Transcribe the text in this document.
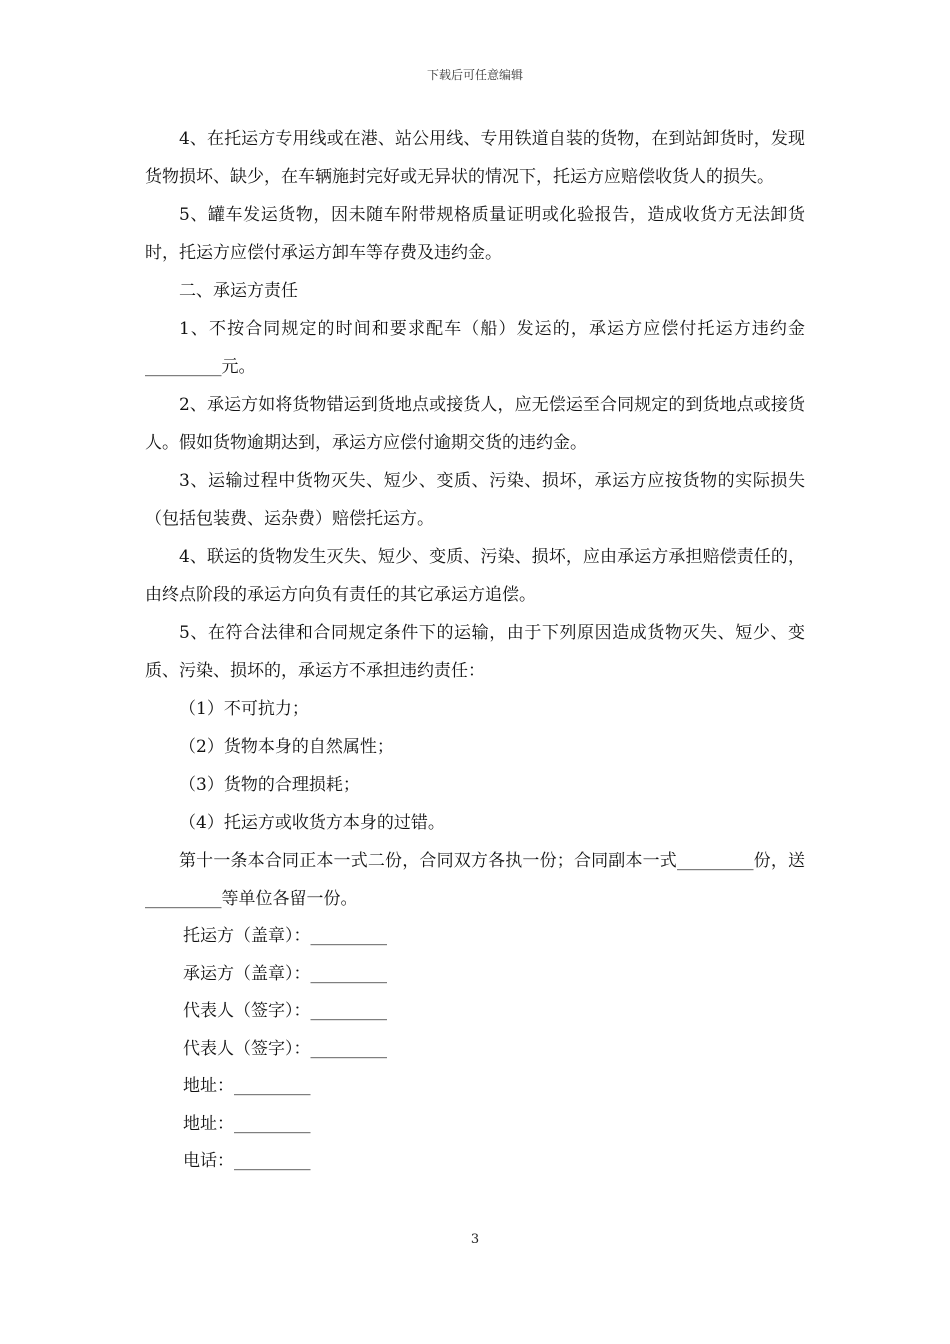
下载后可任意编辑

4、在托运方专用线或在港、站公用线、专用铁道自装的货物，在到站卸货时，发现货物损坏、缺少，在车辆施封完好或无异状的情况下，托运方应赔偿收货人的损失。

5、罐车发运货物，因未随车附带规格质量证明或化验报告，造成收货方无法卸货时，托运方应偿付承运方卸车等存费及违约金。

二、承运方责任

1、不按合同规定的时间和要求配车（船）发运的，承运方应偿付托运方违约金_________元。

2、承运方如将货物错运到货地点或接货人，应无偿运至合同规定的到货地点或接货人。假如货物逾期达到，承运方应偿付逾期交货的违约金。

3、运输过程中货物灭失、短少、变质、污染、损坏，承运方应按货物的实际损失（包括包装费、运杂费）赔偿托运方。

4、联运的货物发生灭失、短少、变质、污染、损坏，应由承运方承担赔偿责任的，由终点阶段的承运方向负有责任的其它承运方追偿。

5、在符合法律和合同规定条件下的运输，由于下列原因造成货物灭失、短少、变质、污染、损坏的，承运方不承担违约责任：

（1）不可抗力；

（2）货物本身的自然属性；

（3）货物的合理损耗；

（4）托运方或收货方本身的过错。

第十一条本合同正本一式二份，合同双方各执一份；合同副本一式_________份，送_________等单位各留一份。

托运方（盖章）：_________

承运方（盖章）：_________

代表人（签字）：_________

代表人（签字）：_________

地址：_________

地址：_________

电话：_________

3
